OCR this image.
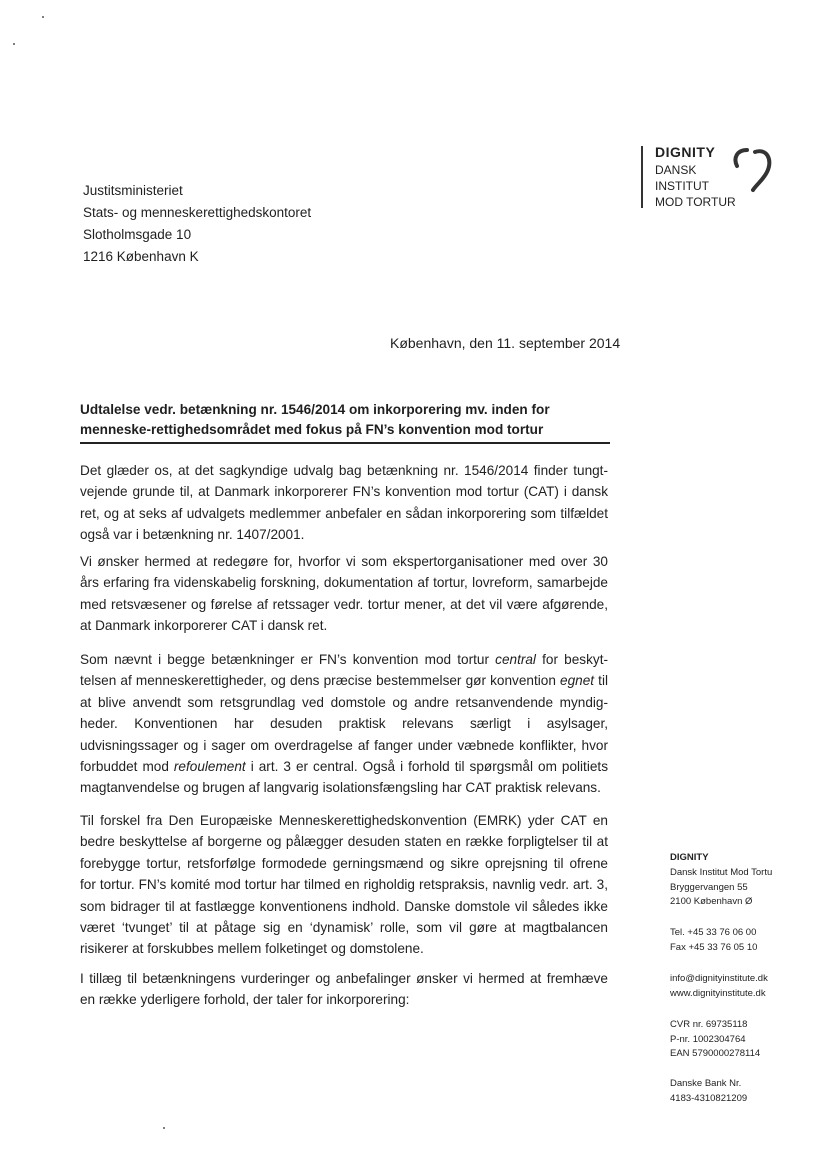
DIGNITY
DANSK
INSTITUT
MOD TORTUR
Justitsministeriet
Stats- og menneskerettighedskontoret
Slotholmsgade 10
1216 København K
København, den 11. september 2014
Udtalelse vedr. betænkning nr. 1546/2014 om inkorporering mv. inden for menneske-rettighedsområdet med fokus på FN’s konvention mod tortur
Det glæder os, at det sagkyndige udvalg bag betænkning nr. 1546/2014 finder tungt-vejende grunde til, at Danmark inkorporerer FN’s konvention mod tortur (CAT) i dansk ret, og at seks af udvalgets medlemmer anbefaler en sådan inkorporering som tilfældet også var i betænkning nr. 1407/2001.
Vi ønsker hermed at redegøre for, hvorfor vi som ekspertorganisationer med over 30 års erfaring fra videnskabelig forskning, dokumentation af tortur, lovreform, samarbejde med retsvæsener og førelse af retssager vedr. tortur mener, at det vil være afgørende, at Danmark inkorporerer CAT i dansk ret.
Som nævnt i begge betænkninger er FN’s konvention mod tortur central for beskyt-telsen af menneskerettigheder, og dens præcise bestemmelser gør konvention egnet til at blive anvendt som retsgrundlag ved domstole og andre retsanvendende myndig-heder. Konventionen har desuden praktisk relevans særligt i asylsager, udvisningssager og i sager om overdragelse af fanger under væbnede konflikter, hvor forbuddet mod refoulement i art. 3 er central. Også i forhold til spørgsmål om politiets magtanvendelse og brugen af langvarig isolationsfængsling har CAT praktisk relevans.
Til forskel fra Den Europæiske Menneskerettighedskonvention (EMRK) yder CAT en bedre beskyttelse af borgerne og pålægger desuden staten en række forpligtelser til at forebygge tortur, retsforfølge formodede gerningsmænd og sikre oprejsning til ofrene for tortur. FN’s komité mod tortur har tilmed en righoldig retspraksis, navnlig vedr. art. 3, som bidrager til at fastlægge konventionens indhold. Danske domstole vil således ikke været ‘tvunget’ til at påtage sig en ‘dynamisk’ rolle, som vil gøre at magtbalancen risikerer at forskubbes mellem folketinget og domstolene.
I tillæg til betænkningens vurderinger og anbefalinger ønsker vi hermed at fremhæve en række yderligere forhold, der taler for inkorporering:
DIGNITY
Dansk Institut Mod Tortu
Bryggervangen 55
2100 København Ø
Tel. +45 33 76 06 00
Fax +45 33 76 05 10
info@dignityinstitute.dk
www.dignityinstitute.dk
CVR nr. 69735118
P-nr. 1002304764
EAN 5790000278114
Danske Bank Nr.
4183-4310821209
